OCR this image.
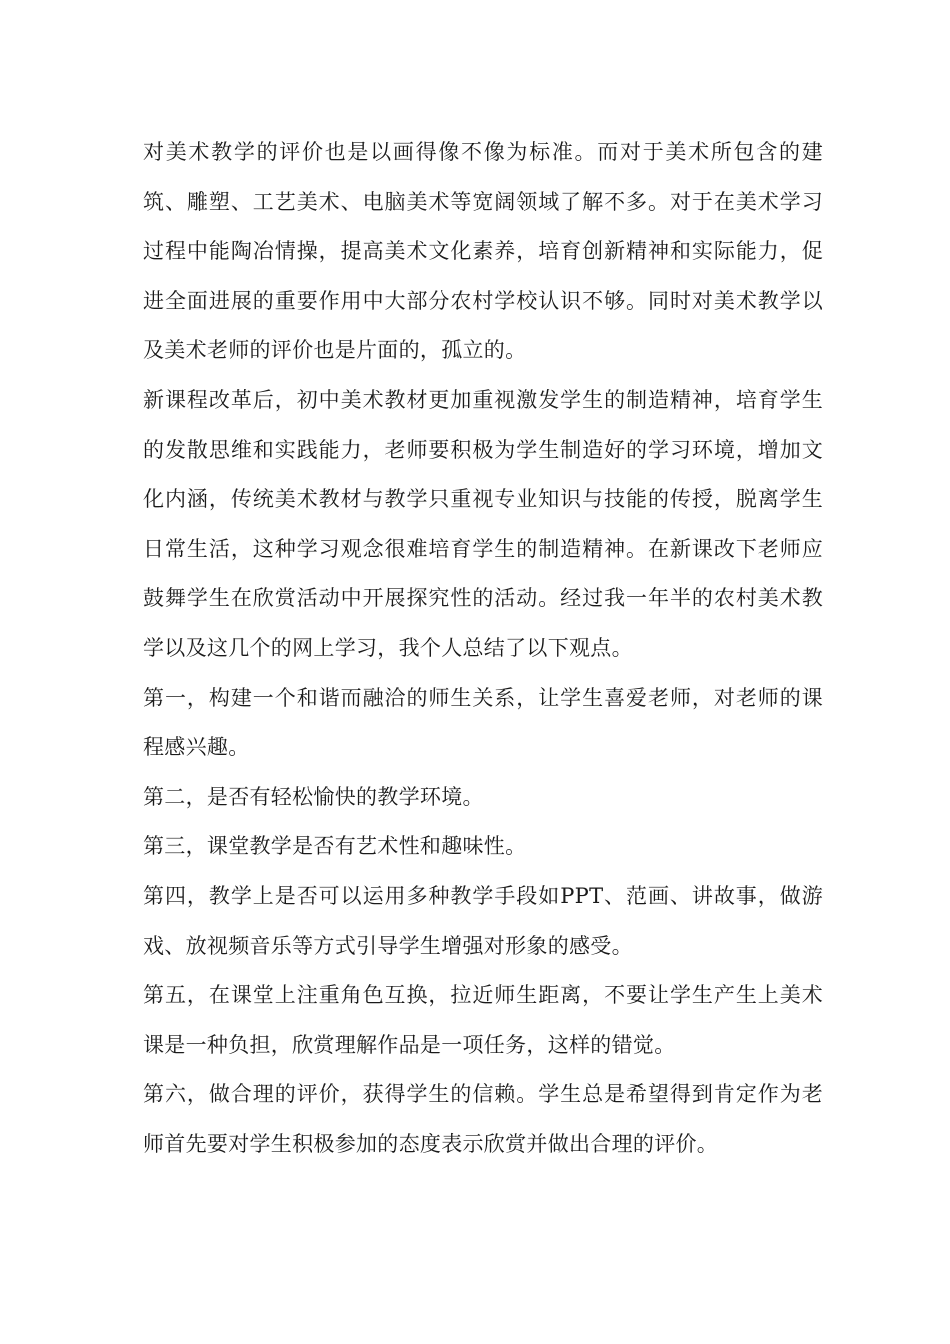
对美术教学的评价也是以画得像不像为标准。而对于美术所包含的建筑、雕塑、工艺美术、电脑美术等宽阔领域了解不多。对于在美术学习过程中能陶冶情操，提高美术文化素养，培育创新精神和实际能力，促进全面进展的重要作用中大部分农村学校认识不够。同时对美术教学以及美术老师的评价也是片面的，孤立的。

新课程改革后，初中美术教材更加重视激发学生的制造精神，培育学生的发散思维和实践能力，老师要积极为学生制造好的学习环境，增加文化内涵，传统美术教材与教学只重视专业知识与技能的传授，脱离学生日常生活，这种学习观念很难培育学生的制造精神。在新课改下老师应鼓舞学生在欣赏活动中开展探究性的活动。经过我一年半的农村美术教学以及这几个的网上学习，我个人总结了以下观点。

第一，构建一个和谐而融洽的师生关系，让学生喜爱老师，对老师的课程感兴趣。

第二，是否有轻松愉快的教学环境。

第三，课堂教学是否有艺术性和趣味性。

第四，教学上是否可以运用多种教学手段如PPT、范画、讲故事，做游戏、放视频音乐等方式引导学生增强对形象的感受。

第五，在课堂上注重角色互换，拉近师生距离，不要让学生产生上美术课是一种负担，欣赏理解作品是一项任务，这样的错觉。

第六，做合理的评价，获得学生的信赖。学生总是希望得到肯定作为老师首先要对学生积极参加的态度表示欣赏并做出合理的评价。
